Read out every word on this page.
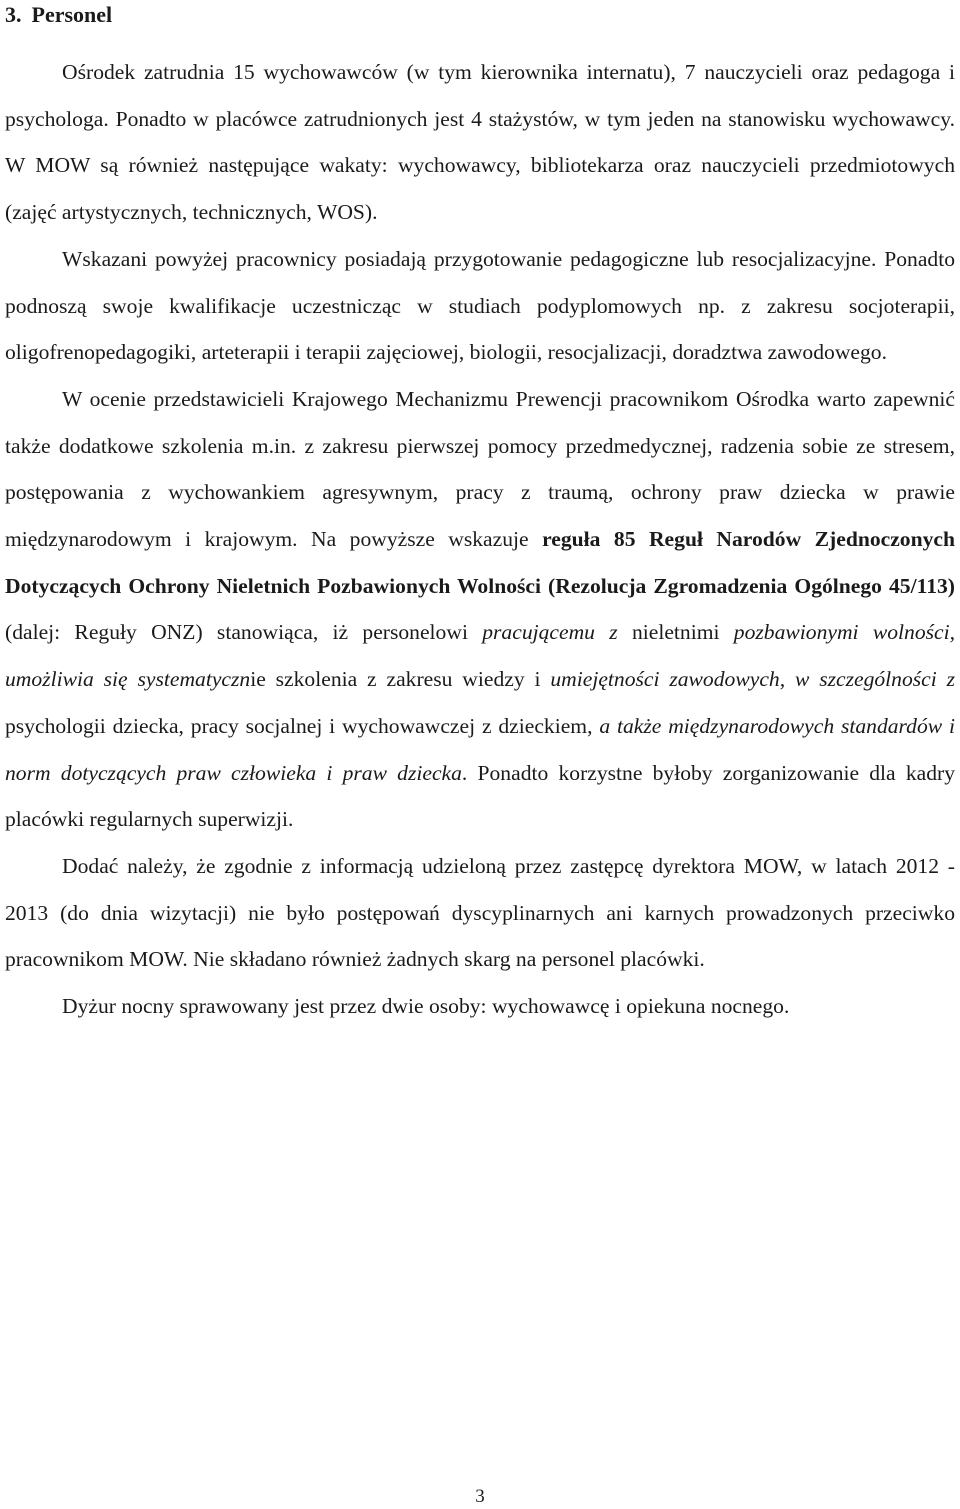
3. Personel

Ośrodek zatrudnia 15 wychowawców (w tym kierownika internatu), 7 nauczycieli oraz pedagoga i psychologa. Ponadto w placówce zatrudnionych jest 4 stażystów, w tym jeden na stanowisku wychowawcy. W MOW są również następujące wakaty: wychowawcy, bibliotekarza oraz nauczycieli przedmiotowych (zajęć artystycznych, technicznych, WOS).

Wskazani powyżej pracownicy posiadają przygotowanie pedagogiczne lub resocjalizacyjne. Ponadto podnoszą swoje kwalifikacje uczestnicząc w studiach podyplomowych np. z zakresu socjoterapii, oligofrenopedagogiki, arteterapii i terapii zajęciowej, biologii, resocjalizacji, doradztwa zawodowego.

W ocenie przedstawicieli Krajowego Mechanizmu Prewencji pracownikom Ośrodka warto zapewnić także dodatkowe szkolenia m.in. z zakresu pierwszej pomocy przedmedycznej, radzenia sobie ze stresem, postępowania z wychowankiem agresywnym, pracy z traumą, ochrony praw dziecka w prawie międzynarodowym i krajowym. Na powyższe wskazuje reguła 85 Reguł Narodów Zjednoczonych Dotyczących Ochrony Nieletnich Pozbawionych Wolności (Rezolucja Zgromadzenia Ogólnego 45/113) (dalej: Reguły ONZ) stanowiąca, iż personelowi pracującemu z nieletnimi pozbawionymi wolności, umożliwia się systematycznie szkolenia z zakresu wiedzy i umiejętności zawodowych, w szczególności z psychologii dziecka, pracy socjalnej i wychowawczej z dzieckiem, a także międzynarodowych standardów i norm dotyczących praw człowieka i praw dziecka. Ponadto korzystne byłoby zorganizowanie dla kadry placówki regularnych superwizji.

Dodać należy, że zgodnie z informacją udzieloną przez zastępcę dyrektora MOW, w latach 2012 - 2013 (do dnia wizytacji) nie było postępowań dyscyplinarnych ani karnych prowadzonych przeciwko pracownikom MOW. Nie składano również żadnych skarg na personel placówki.

Dyżur nocny sprawowany jest przez dwie osoby: wychowawcę i opiekuna nocnego.

3
